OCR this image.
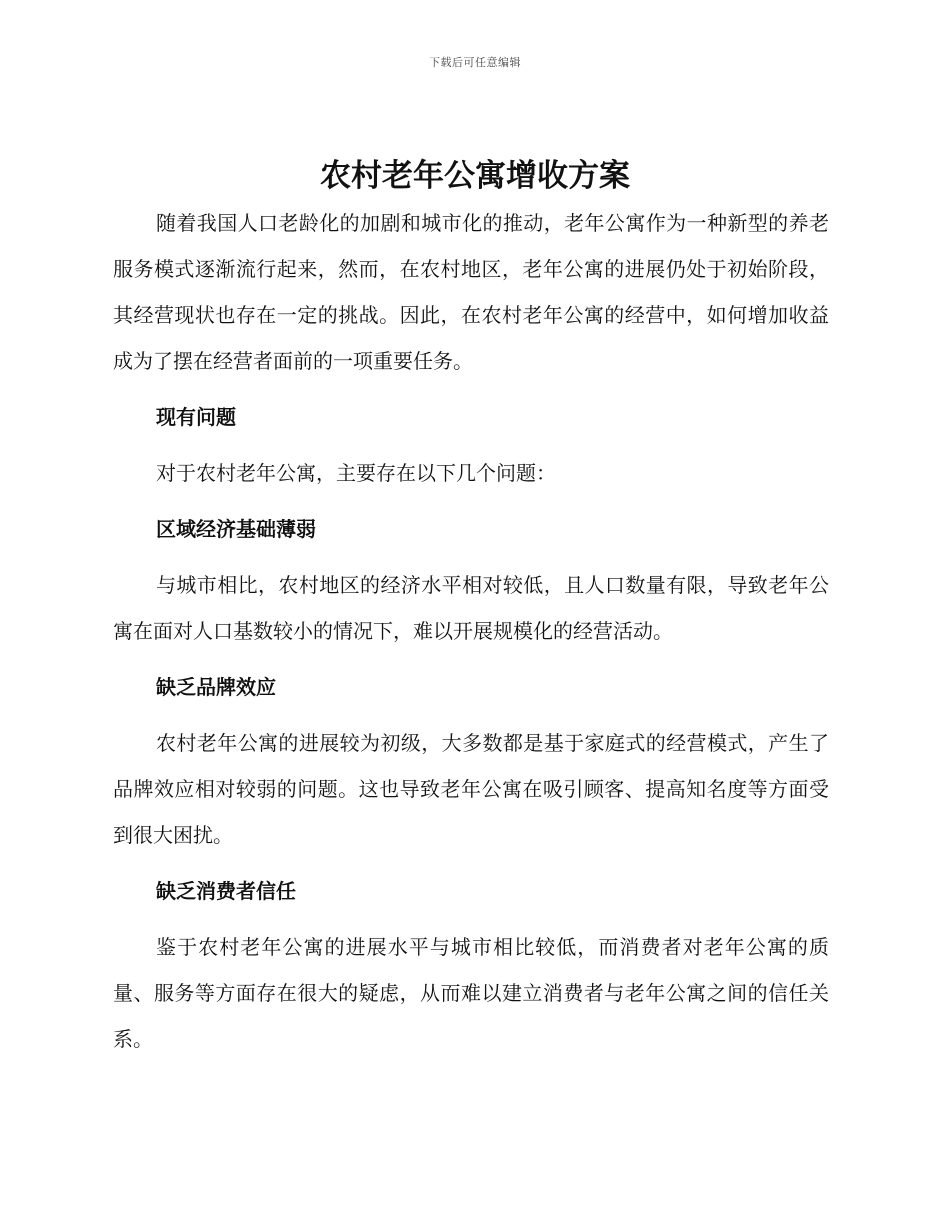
下载后可任意编辑
农村老年公寓增收方案

随着我国人口老龄化的加剧和城市化的推动，老年公寓作为一种新型的养老服务模式逐渐流行起来，然而，在农村地区，老年公寓的进展仍处于初始阶段，其经营现状也存在一定的挑战。因此，在农村老年公寓的经营中，如何增加收益成为了摆在经营者面前的一项重要任务。

现有问题

对于农村老年公寓，主要存在以下几个问题：

区域经济基础薄弱

与城市相比，农村地区的经济水平相对较低，且人口数量有限，导致老年公寓在面对人口基数较小的情况下，难以开展规模化的经营活动。

缺乏品牌效应

农村老年公寓的进展较为初级，大多数都是基于家庭式的经营模式，产生了品牌效应相对较弱的问题。这也导致老年公寓在吸引顾客、提高知名度等方面受到很大困扰。

缺乏消费者信任

鉴于农村老年公寓的进展水平与城市相比较低，而消费者对老年公寓的质量、服务等方面存在很大的疑虑，从而难以建立消费者与老年公寓之间的信任关系。
